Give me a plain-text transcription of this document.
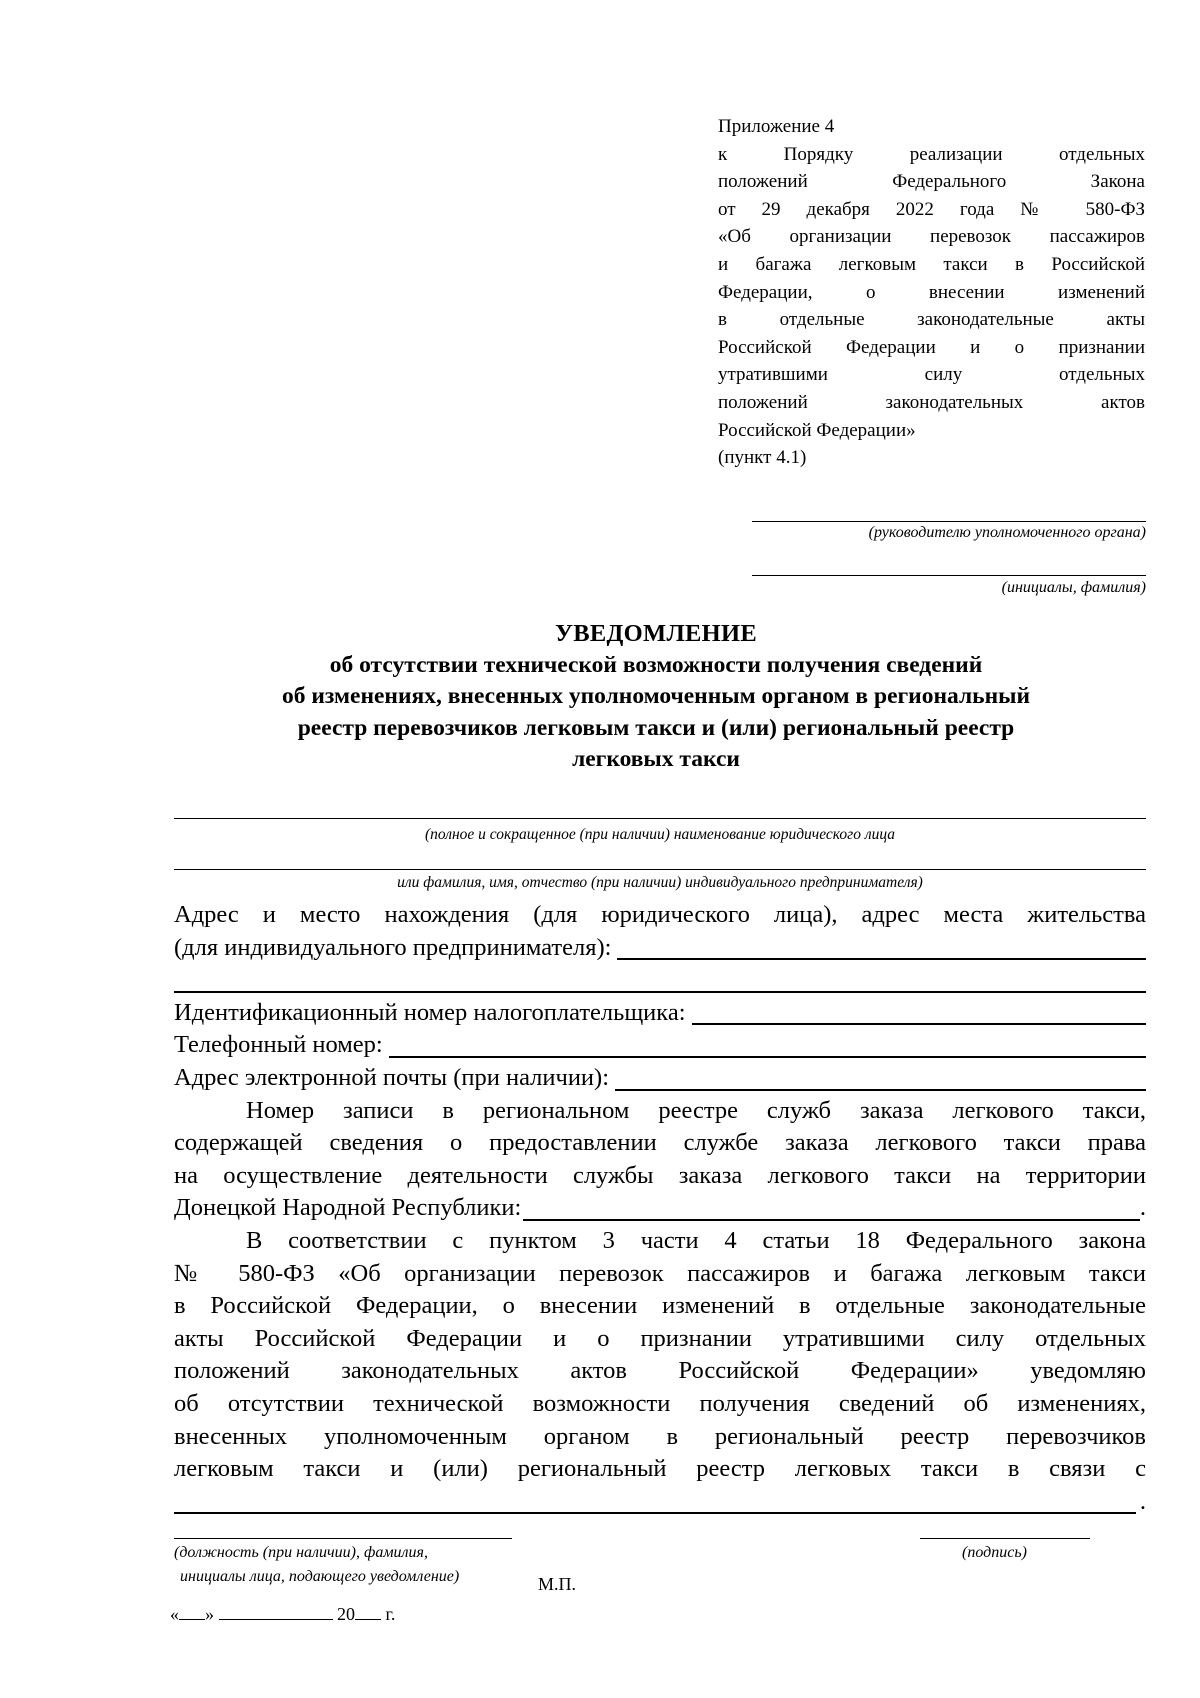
Приложение 4
к Порядку реализации отдельных
положений Федерального Закона
от 29 декабря 2022 года № 580-ФЗ
«Об организации перевозок пассажиров
и багажа легковым такси в Российской
Федерации, о внесении изменений
в отдельные законодательные акты
Российской Федерации и о признании
утратившими силу отдельных
положений законодательных актов
Российской Федерации»
(пункт 4.1)
(руководителю уполномоченного органа)
(инициалы, фамилия)
УВЕДОМЛЕНИЕ
об отсутствии технической возможности получения сведений
об изменениях, внесенных уполномоченным органом в региональный
реестр перевозчиков легковым такси и (или) региональный реестр
легковых такси
(полное и сокращенное (при наличии) наименование юридического лица
или фамилия, имя, отчество (при наличии) индивидуального предпринимателя)
Адрес и место нахождения (для юридического лица), адрес места жительства
(для индивидуального предпринимателя):
Идентификационный номер налогоплательщика:
Телефонный номер:
Адрес электронной почты (при наличии):
Номер записи в региональном реестре служб заказа легкового такси,
содержащей сведения о предоставлении службе заказа легкового такси права
на осуществление деятельности службы заказа легкового такси на территории
Донецкой Народной Республики:	.
В соответствии с пунктом 3 части 4 статьи 18 Федерального закона
№ 580-ФЗ «Об организации перевозок пассажиров и багажа легковым такси
в Российской Федерации, о внесении изменений в отдельные законодательные
акты Российской Федерации и о признании утратившими силу отдельных
положений законодательных актов Российской Федерации» уведомляю
об отсутствии технической возможности получения сведений об изменениях,
внесенных уполномоченным органом в региональный реестр перевозчиков
легковым такси и (или) региональный реестр легковых такси в связи с
.
(должность (при наличии), фамилия,
инициалы лица, подающего уведомление)
(подпись)
М.П.
« »	20 г.
